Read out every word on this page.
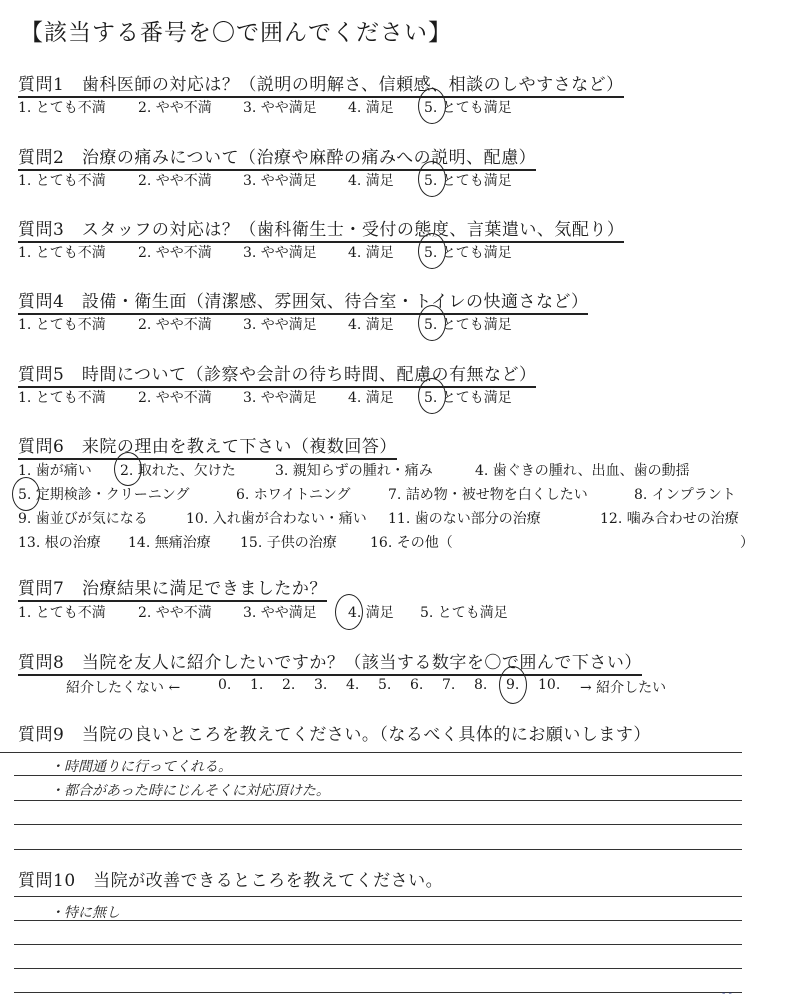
【該当する番号を〇で囲んでください】
質問1　歯科医師の対応は？（説明の明解さ、信頼感、相談のしやすさなど）
1. とても不満 2. やや不満 3. やや満足 4. 満足 5. とても満足
質問2　治療の痛みについて（治療や麻酔の痛みへの説明、配慮）
1. とても不満 2. やや不満 3. やや満足 4. 満足 5. とても満足
質問3　スタッフの対応は？（歯科衛生士・受付の態度、言葉遣い、気配り）
1. とても不満 2. やや不満 3. やや満足 4. 満足 5. とても満足
質問4　設備・衛生面（清潔感、雰囲気、待合室・トイレの快適さなど）
1. とても不満 2. やや不満 3. やや満足 4. 満足 5. とても満足
質問5　時間について（診察や会計の待ち時間、配慮の有無など）
1. とても不満 2. やや不満 3. やや満足 4. 満足 5. とても満足
質問6　来院の理由を教えて下さい（複数回答）
1. 歯が痛い 2. 取れた、欠けた	3. 親知らずの腫れ・痛み	4. 歯ぐきの腫れ、出血、歯の動揺
5. 定期検診・クリーニング	6. ホワイトニング	7. 詰め物・被せ物を白くしたい	8. インプラント
9. 歯並びが気になる	10. 入れ歯が合わない・痛い 11. 歯のない部分の治療	12. 噛み合わせの治療
13. 根の治療 14. 無痛治療 15. 子供の治療 16. その他（	）
質問7　治療結果に満足できましたか？
1. とても不満 2. やや不満 3. やや満足 4. 満足 5. とても満足
質問8　当院を友人に紹介したいですか？（該当する数字を〇で囲んで下さい）
紹介したくない ←	0. 1. 2. 3. 4. 5. 6. 7. 8. 9. 10. → 紹介したい
質問9　当院の良いところを教えてください。（なるべく具体的にお願いします）
・時間通りに行ってくれる。
・都合があった時にじんそくに対応頂けた。
質問10　当院が改善できるところを教えてください。
・特に無し
- -
